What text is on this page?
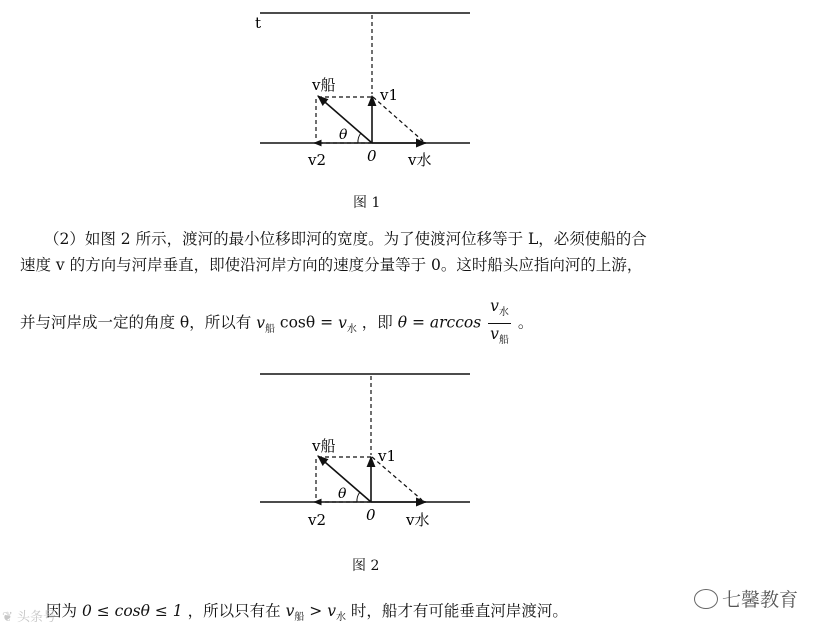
t
v船
v1
θ
v2	0 v水
v船
v1
θ
v2	0 v水
图 1
（2）如图 2 所示，渡河的最小位移即河的宽度。为了使渡河位移等于 L，必须使船的合
速度 v 的方向与河岸垂直，即使沿河岸方向的速度分量等于 0。这时船头应指向河的上游，
并与河岸成一定的角度 θ，所以有 $v_船$ $\cos\theta = v_水$ ，即 $\theta = \arccos \frac{v_水}{v_船}$ 。
图 2
因为 0 ≤ cosθ ≤ 1 ，所以只有在 $v_船 > v_水$ 时，船才有可能垂直河岸渡河。
❦ 头条号
七馨教育
